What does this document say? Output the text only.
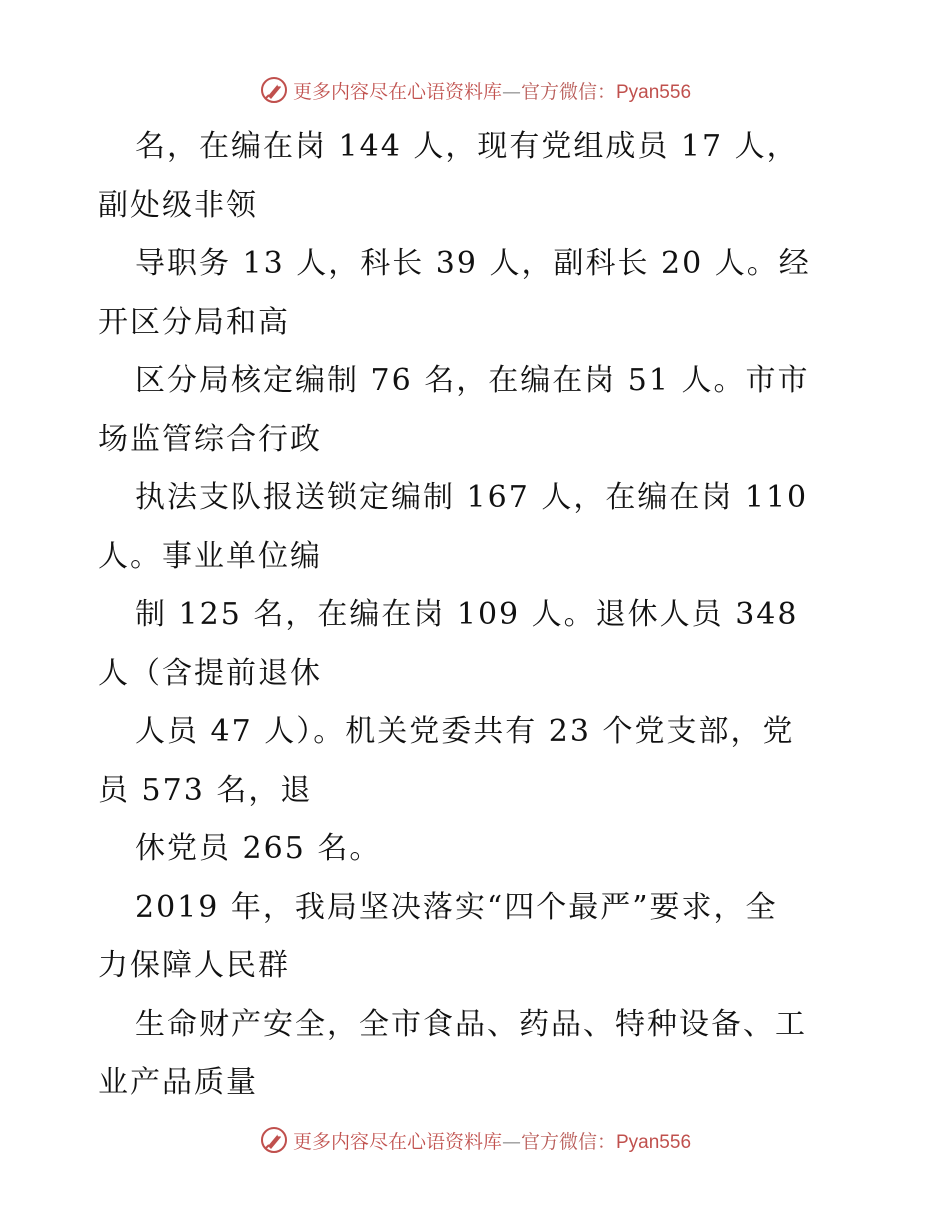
更多内容尽在心语资料库—官方微信：Pyan556
名，在编在岗 144 人，现有党组成员 17 人，
副处级非领
导职务 13 人，科长 39 人，副科长 20 人。经
开区分局和高
区分局核定编制 76 名，在编在岗 51 人。市市
场监管综合行政
执法支队报送锁定编制 167 人，在编在岗 110
人。事业单位编
制 125 名，在编在岗 109 人。退休人员 348
人（含提前退休
人员 47 人）。机关党委共有 23 个党支部，党
员 573 名，退
休党员 265 名。
2019 年，我局坚决落实“四个最严”要求，全
力保障人民群
生命财产安全，全市食品、药品、特种设备、工
业产品质量
更多内容尽在心语资料库—官方微信：Pyan556
